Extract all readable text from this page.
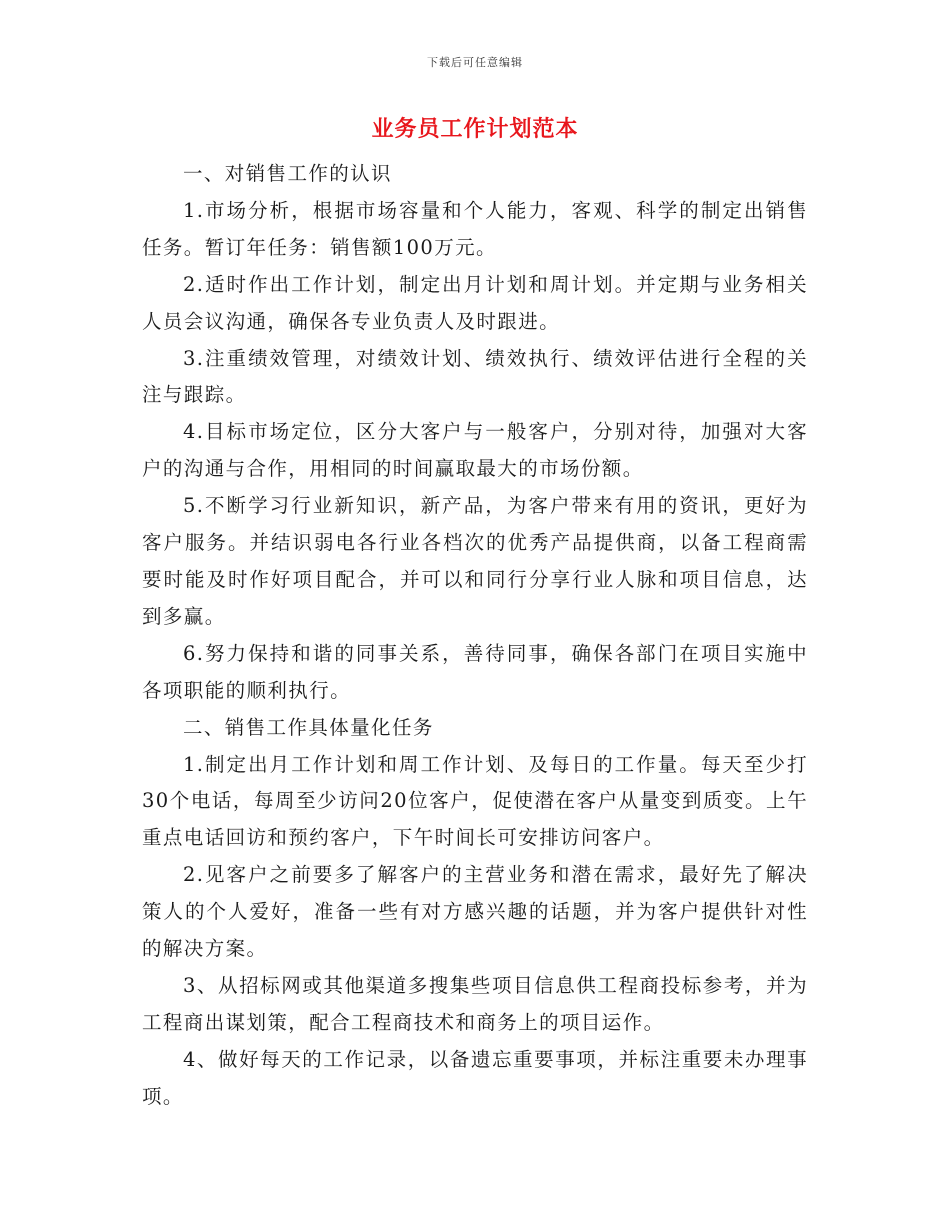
下载后可任意编辑
业务员工作计划范本

一、对销售工作的认识

1.市场分析，根据市场容量和个人能力，客观、科学的制定出销售任务。暂订年任务：销售额100万元。

2.适时作出工作计划，制定出月计划和周计划。并定期与业务相关人员会议沟通，确保各专业负责人及时跟进。

3.注重绩效管理，对绩效计划、绩效执行、绩效评估进行全程的关注与跟踪。

4.目标市场定位，区分大客户与一般客户，分别对待，加强对大客户的沟通与合作，用相同的时间赢取最大的市场份额。

5.不断学习行业新知识，新产品，为客户带来有用的资讯，更好为客户服务。并结识弱电各行业各档次的优秀产品提供商，以备工程商需要时能及时作好项目配合，并可以和同行分享行业人脉和项目信息，达到多赢。

6.努力保持和谐的同事关系，善待同事，确保各部门在项目实施中各项职能的顺利执行。

二、销售工作具体量化任务

1.制定出月工作计划和周工作计划、及每日的工作量。每天至少打30个电话，每周至少访问20位客户，促使潜在客户从量变到质变。上午重点电话回访和预约客户，下午时间长可安排访问客户。

2.见客户之前要多了解客户的主营业务和潜在需求，最好先了解决策人的个人爱好，准备一些有对方感兴趣的话题，并为客户提供针对性的解决方案。

3、从招标网或其他渠道多搜集些项目信息供工程商投标参考，并为工程商出谋划策，配合工程商技术和商务上的项目运作。

4、做好每天的工作记录，以备遗忘重要事项，并标注重要未办理事项。
